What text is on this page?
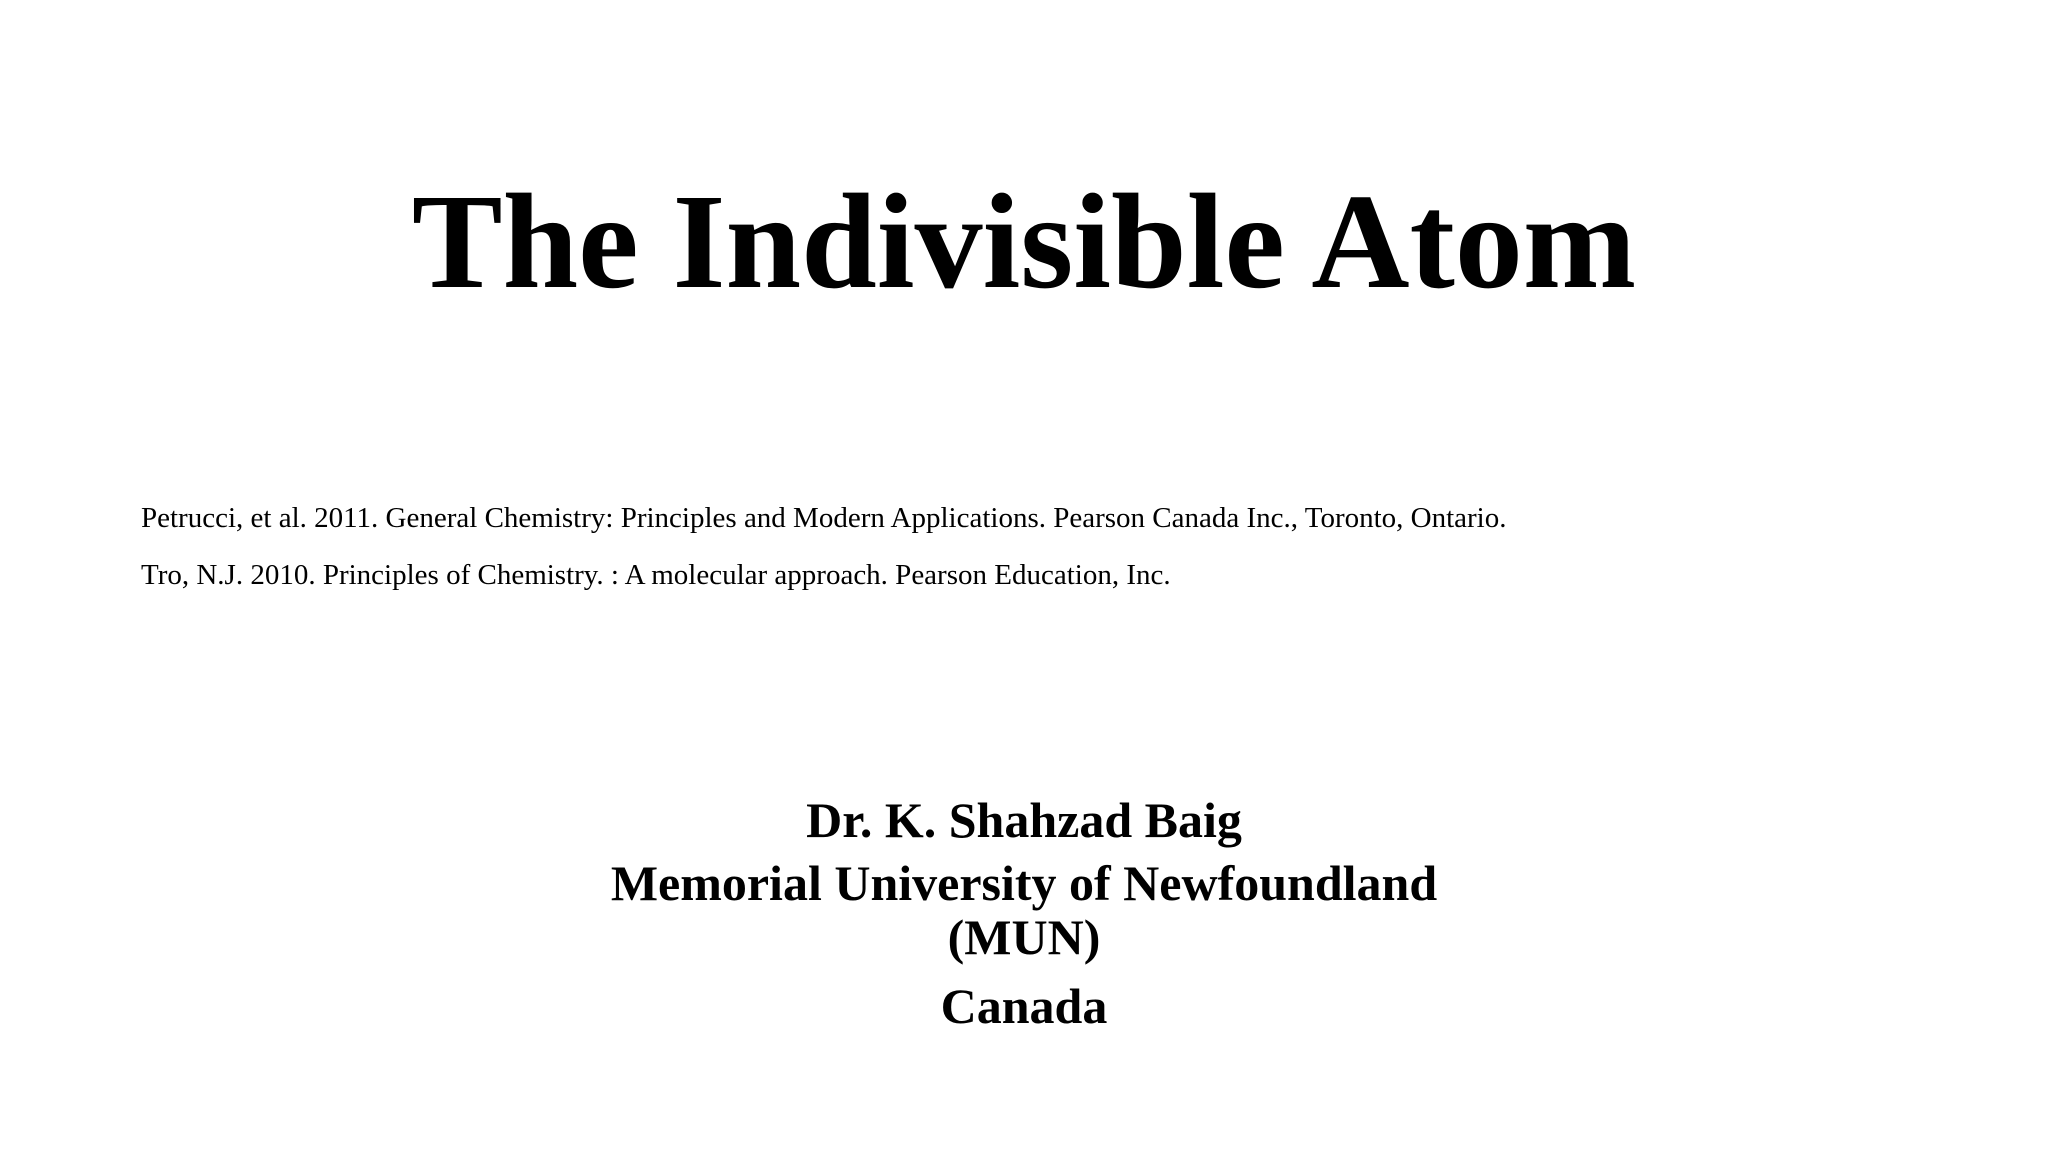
The Indivisible Atom

Petrucci, et al. 2011. General Chemistry: Principles and Modern Applications. Pearson Canada Inc., Toronto, Ontario.

Tro, N.J. 2010. Principles of Chemistry. : A molecular approach. Pearson Education, Inc.

Dr. K. Shahzad Baig

Memorial University of Newfoundland

(MUN)

Canada
